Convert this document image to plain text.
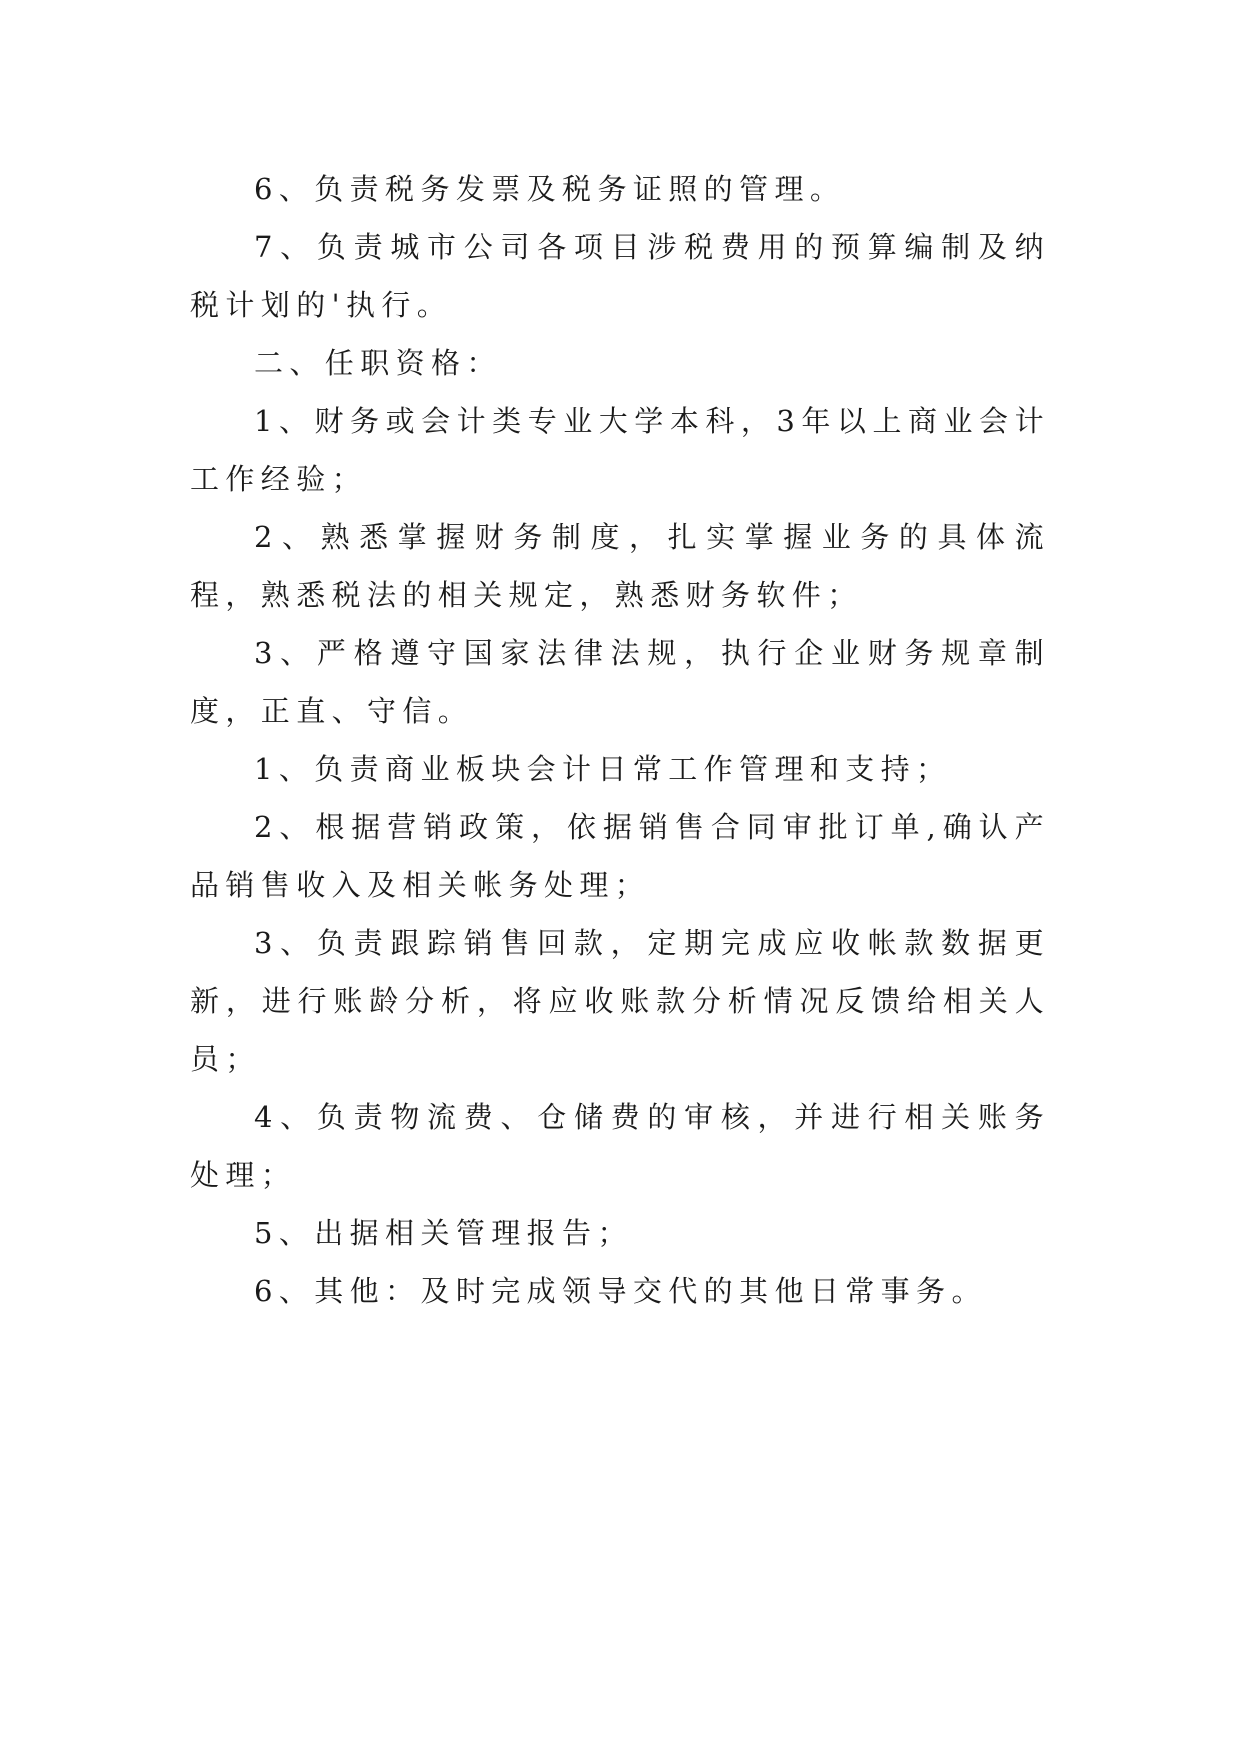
6、负责税务发票及税务证照的管理。

7、负责城市公司各项目涉税费用的预算编制及纳税计划的'执行。

二、任职资格：

1、财务或会计类专业大学本科，3年以上商业会计工作经验；

2、熟悉掌握财务制度，扎实掌握业务的具体流程，熟悉税法的相关规定，熟悉财务软件；

3、严格遵守国家法律法规，执行企业财务规章制度，正直、守信。

1、负责商业板块会计日常工作管理和支持；

2、根据营销政策，依据销售合同审批订单,确认产品销售收入及相关帐务处理；

3、负责跟踪销售回款，定期完成应收帐款数据更新，进行账龄分析，将应收账款分析情况反馈给相关人员；

4、负责物流费、仓储费的审核，并进行相关账务处理；

5、出据相关管理报告；

6、其他：及时完成领导交代的其他日常事务。
